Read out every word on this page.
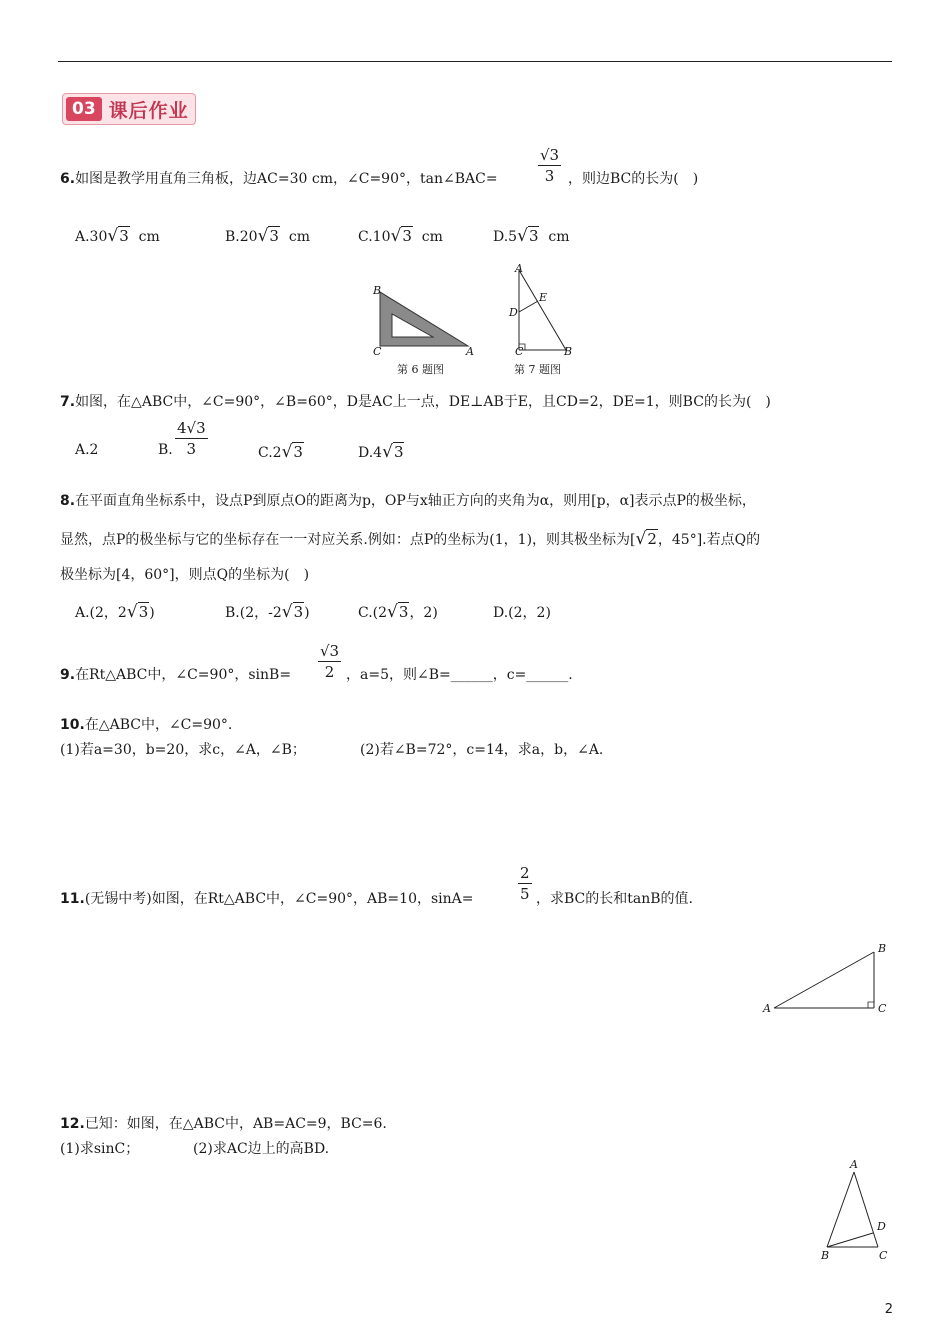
03 课后作业
6.如图是教学用直角三角板，边AC=30 cm，∠C=90°，tan∠BAC=
√3
3 ，则边BC的长为(　)
A.30√3 cm	B.20√3 cm	C.10√3 cm	D.5√3 cm
B
C	A
第 6 题图
A
E
D
C	B
第 7 题图
7.如图，在△ABC中，∠C=90°，∠B=60°，D是AC上一点，DE⊥AB于E，且CD=2，DE=1，则BC的长为(　)
A.2	B.
4√3
3	C.2√3	D.4√3
8.在平面直角坐标系中，设点P到原点O的距离为p，OP与x轴正方向的夹角为α，则用[p，α]表示点P的极坐标，
显然，点P的极坐标与它的坐标存在一一对应关系.例如：点P的坐标为(1，1)，则其极坐标为[√2，45°].若点Q的
极坐标为[4，60°]，则点Q的坐标为(　)
A.(2，2√3)	B.(2，-2√3)	C.(2√3，2)	D.(2，2)
9.在Rt△ABC中，∠C=90°，sinB=
√3
2 ，a=5，则∠B=______，c=______.
10.在△ABC中，∠C=90°.
(1)若a=30，b=20，求c，∠A，∠B；	(2)若∠B=72°，c=14，求a，b，∠A.
11.(无锡中考)如图，在Rt△ABC中，∠C=90°，AB=10，sinA=
2
5 ，求BC的长和tanB的值.
A
B
C
12.已知：如图，在△ABC中，AB=AC=9，BC=6.
(1)求sinC；	(2)求AC边上的高BD.
A
D
B	C
2
